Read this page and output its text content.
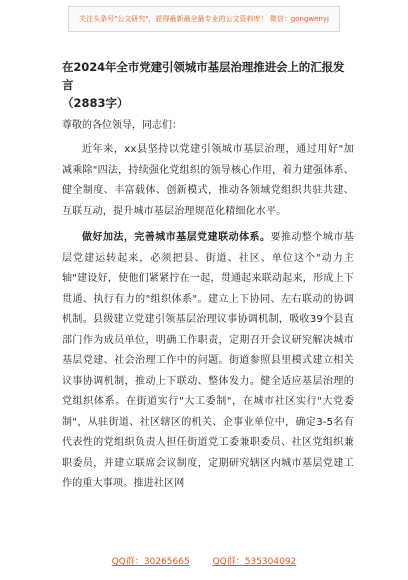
关注头条号"公文研究"，获得最新最全最专业的公文资料库！ 微信：gongwenyj

在2024年全市党建引领城市基层治理推进会上的汇报发言

（2883字）

尊敬的各位领导，同志们：

近年来，xx县坚持以党建引领城市基层治理，通过用好"加减乘除"四法，持续强化党组织的领导核心作用，着力建强体系、健全制度、丰富载体、创新模式，推动各领域党组织共驻共建、互联互动，提升城市基层治理规范化精细化水平。

做好加法，完善城市基层党建联动体系。要推动整个城市基层党建运转起来，必须把县、街道、社区、单位这个"动力主轴"建设好，使他们紧紧拧在一起，贯通起来联动起来，形成上下贯通、执行有力的"组织体系"。建立上下协同、左右联动的协调机制。县级建立党建引领基层治理议事协调机制，吸收39个县直部门作为成员单位，明确工作职责，定期召开会议研究解决城市基层党建、社会治理工作中的问题。街道参照县里模式建立相关议事协调机制，推动上下联动、整体发力。健全适应基层治理的党组织体系。在街道实行"大工委制"，在城市社区实行"大党委制"，从驻街道、社区辖区的机关、企事业单位中，确定3-5名有代表性的党组织负责人担任街道党工委兼职委员、社区党组织兼职委员，并建立联席会议制度，定期研究辖区内城市基层党建工作的重大事项。推进社区网

QQ群：30265665	QQ群：535304092
